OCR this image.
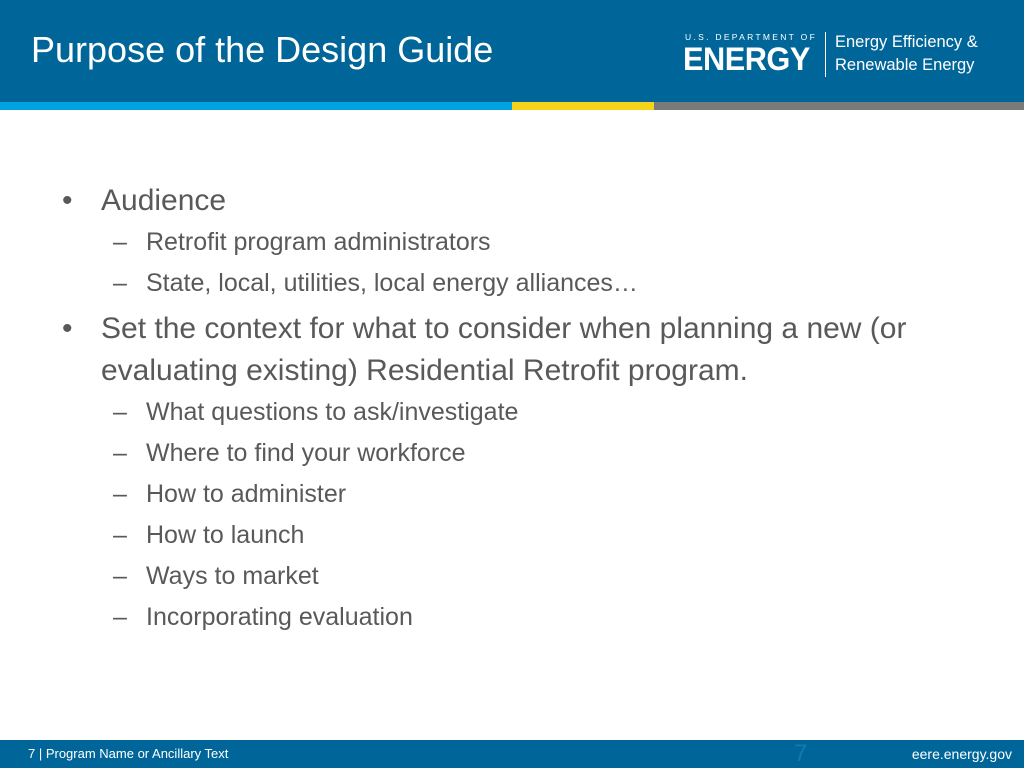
Purpose of the Design Guide	U.S. DEPARTMENT OF
ENERGY Energy Efficiency &
Renewable Energy
• Audience
– Retrofit program administrators
– State, local, utilities, local energy alliances…
• Set the context for what to consider when planning a new (or evaluating existing) Residential Retrofit program.
– What questions to ask/investigate
– Where to find your workforce
– How to administer
– How to launch
– Ways to market
– Incorporating evaluation
7 | Program Name or Ancillary Text	7	eere.energy.gov
